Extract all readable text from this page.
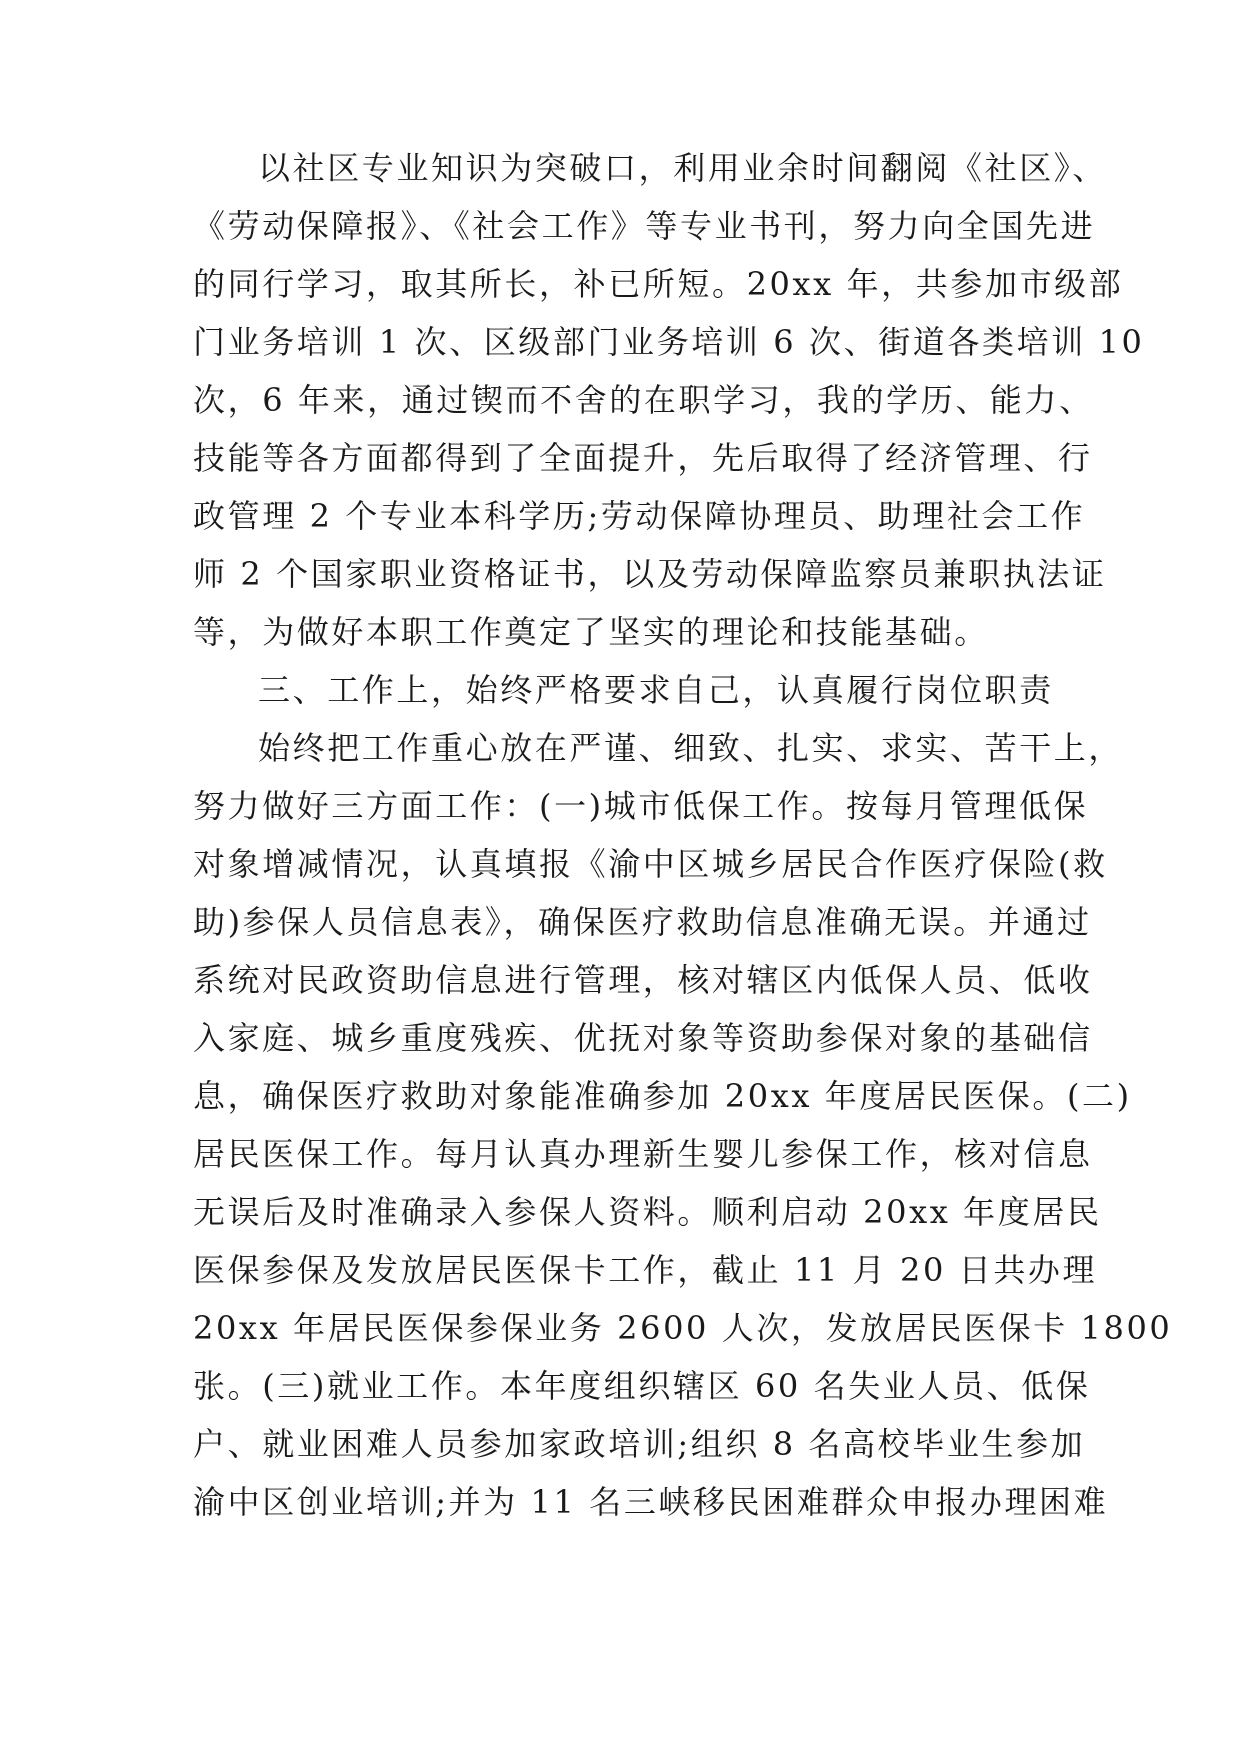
以社区专业知识为突破口，利用业余时间翻阅《社区》、
《劳动保障报》、《社会工作》等专业书刊，努力向全国先进
的同行学习，取其所长，补已所短。20xx 年，共参加市级部
门业务培训 1 次、区级部门业务培训 6 次、街道各类培训 10
次，6 年来，通过锲而不舍的在职学习，我的学历、能力、
技能等各方面都得到了全面提升，先后取得了经济管理、行
政管理 2 个专业本科学历;劳动保障协理员、助理社会工作
师 2 个国家职业资格证书，以及劳动保障监察员兼职执法证
等，为做好本职工作奠定了坚实的理论和技能基础。
三、工作上，始终严格要求自己，认真履行岗位职责
始终把工作重心放在严谨、细致、扎实、求实、苦干上，
努力做好三方面工作：(一)城市低保工作。按每月管理低保
对象增减情况，认真填报《渝中区城乡居民合作医疗保险(救
助)参保人员信息表》，确保医疗救助信息准确无误。并通过
系统对民政资助信息进行管理，核对辖区内低保人员、低收
入家庭、城乡重度残疾、优抚对象等资助参保对象的基础信
息，确保医疗救助对象能准确参加 20xx 年度居民医保。(二)
居民医保工作。每月认真办理新生婴儿参保工作，核对信息
无误后及时准确录入参保人资料。顺利启动 20xx 年度居民
医保参保及发放居民医保卡工作，截止 11 月 20 日共办理
20xx 年居民医保参保业务 2600 人次，发放居民医保卡 1800
张。(三)就业工作。本年度组织辖区 60 名失业人员、低保
户、就业困难人员参加家政培训;组织 8 名高校毕业生参加
渝中区创业培训;并为 11 名三峡移民困难群众申报办理困难
